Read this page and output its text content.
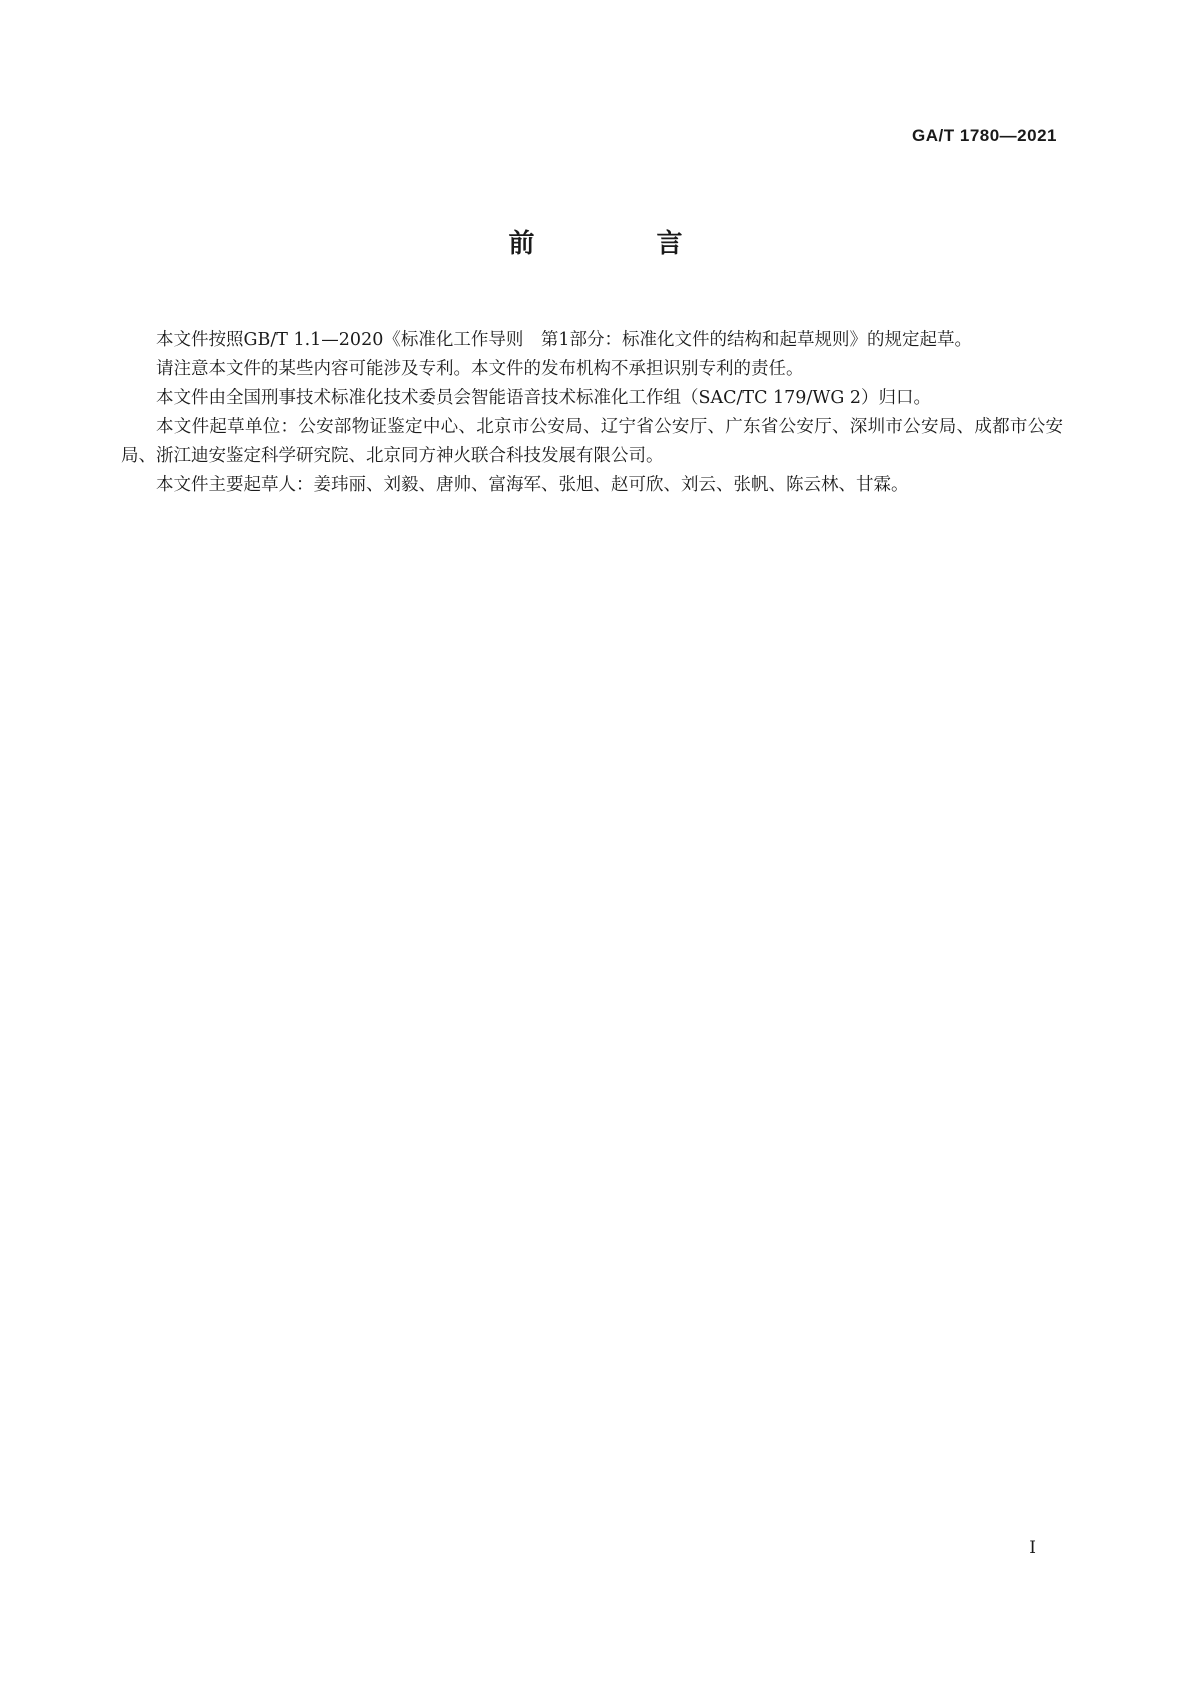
GA/T 1780—2021
前　言

本文件按照GB/T 1.1—2020《标准化工作导则　第1部分：标准化文件的结构和起草规则》的规定起草。

请注意本文件的某些内容可能涉及专利。本文件的发布机构不承担识别专利的责任。

本文件由全国刑事技术标准化技术委员会智能语音技术标准化工作组（SAC/TC 179/WG 2）归口。

本文件起草单位：公安部物证鉴定中心、北京市公安局、辽宁省公安厅、广东省公安厅、深圳市公安局、成都市公安局、浙江迪安鉴定科学研究院、北京同方神火联合科技发展有限公司。

本文件主要起草人：姜玮丽、刘毅、唐帅、富海军、张旭、赵可欣、刘云、张帆、陈云林、甘霖。

I
